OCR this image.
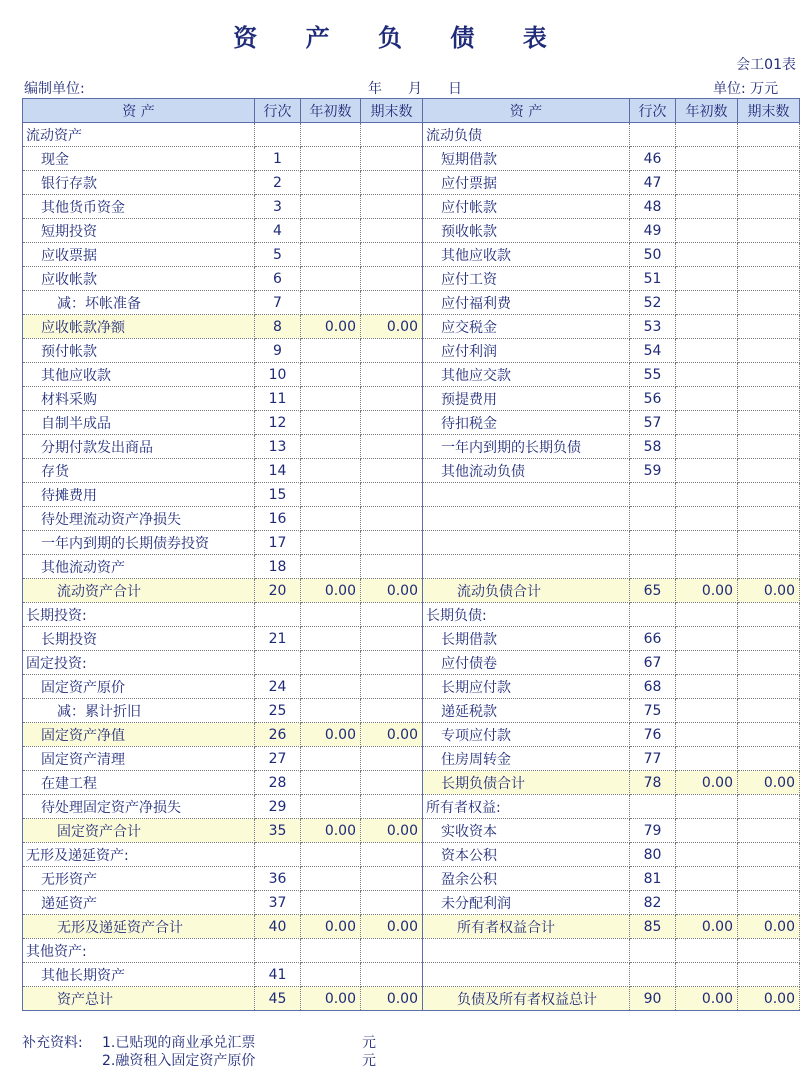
资 产 负 债 表
会工01表
编制单位:	年 月 日	单位: 万元
资 产	行次	年初数	期末数	资 产	行次	年初数	期末数
流动资产				流动负债			
现金	1			短期借款	46		
银行存款	2			应付票据	47		
其他货币资金	3			应付帐款	48		
短期投资	4			预收帐款	49		
应收票据	5			其他应收款	50		
应收帐款	6			应付工资	51		
减：坏帐准备	7			应付福利费	52		
应收帐款净额	8	0.00	0.00	应交税金	53		
预付帐款	9			应付利润	54		
其他应收款	10			其他应交款	55		
材料采购	11			预提费用	56		
自制半成品	12			待扣税金	57		
分期付款发出商品	13			一年内到期的长期负债	58		
存货	14			其他流动负债	59		
待摊费用	15						
待处理流动资产净损失	16						
一年内到期的长期债券投资	17						
其他流动资产	18						
流动资产合计	20	0.00	0.00	流动负债合计	65	0.00	0.00
长期投资:				长期负债:			
长期投资	21			长期借款	66		
固定投资:				应付债卷	67		
固定资产原价	24			长期应付款	68		
减：累计折旧	25			递延税款	75		
固定资产净值	26	0.00	0.00	专项应付款	76		
固定资产清理	27			住房周转金	77		
在建工程	28			长期负债合计	78	0.00	0.00
待处理固定资产净损失	29			所有者权益:			
固定资产合计	35	0.00	0.00	实收资本	79		
无形及递延资产:				资本公积	80		
无形资产	36			盈余公积	81		
递延资产	37			未分配利润	82		
无形及递延资产合计	40	0.00	0.00	所有者权益合计	85	0.00	0.00
其他资产:							
其他长期资产	41						
资产总计	45	0.00	0.00	负债及所有者权益总计	90	0.00	0.00
补充资料: 1.已贴现的商业承兑汇票	元
2.融资租入固定资产原价	元
